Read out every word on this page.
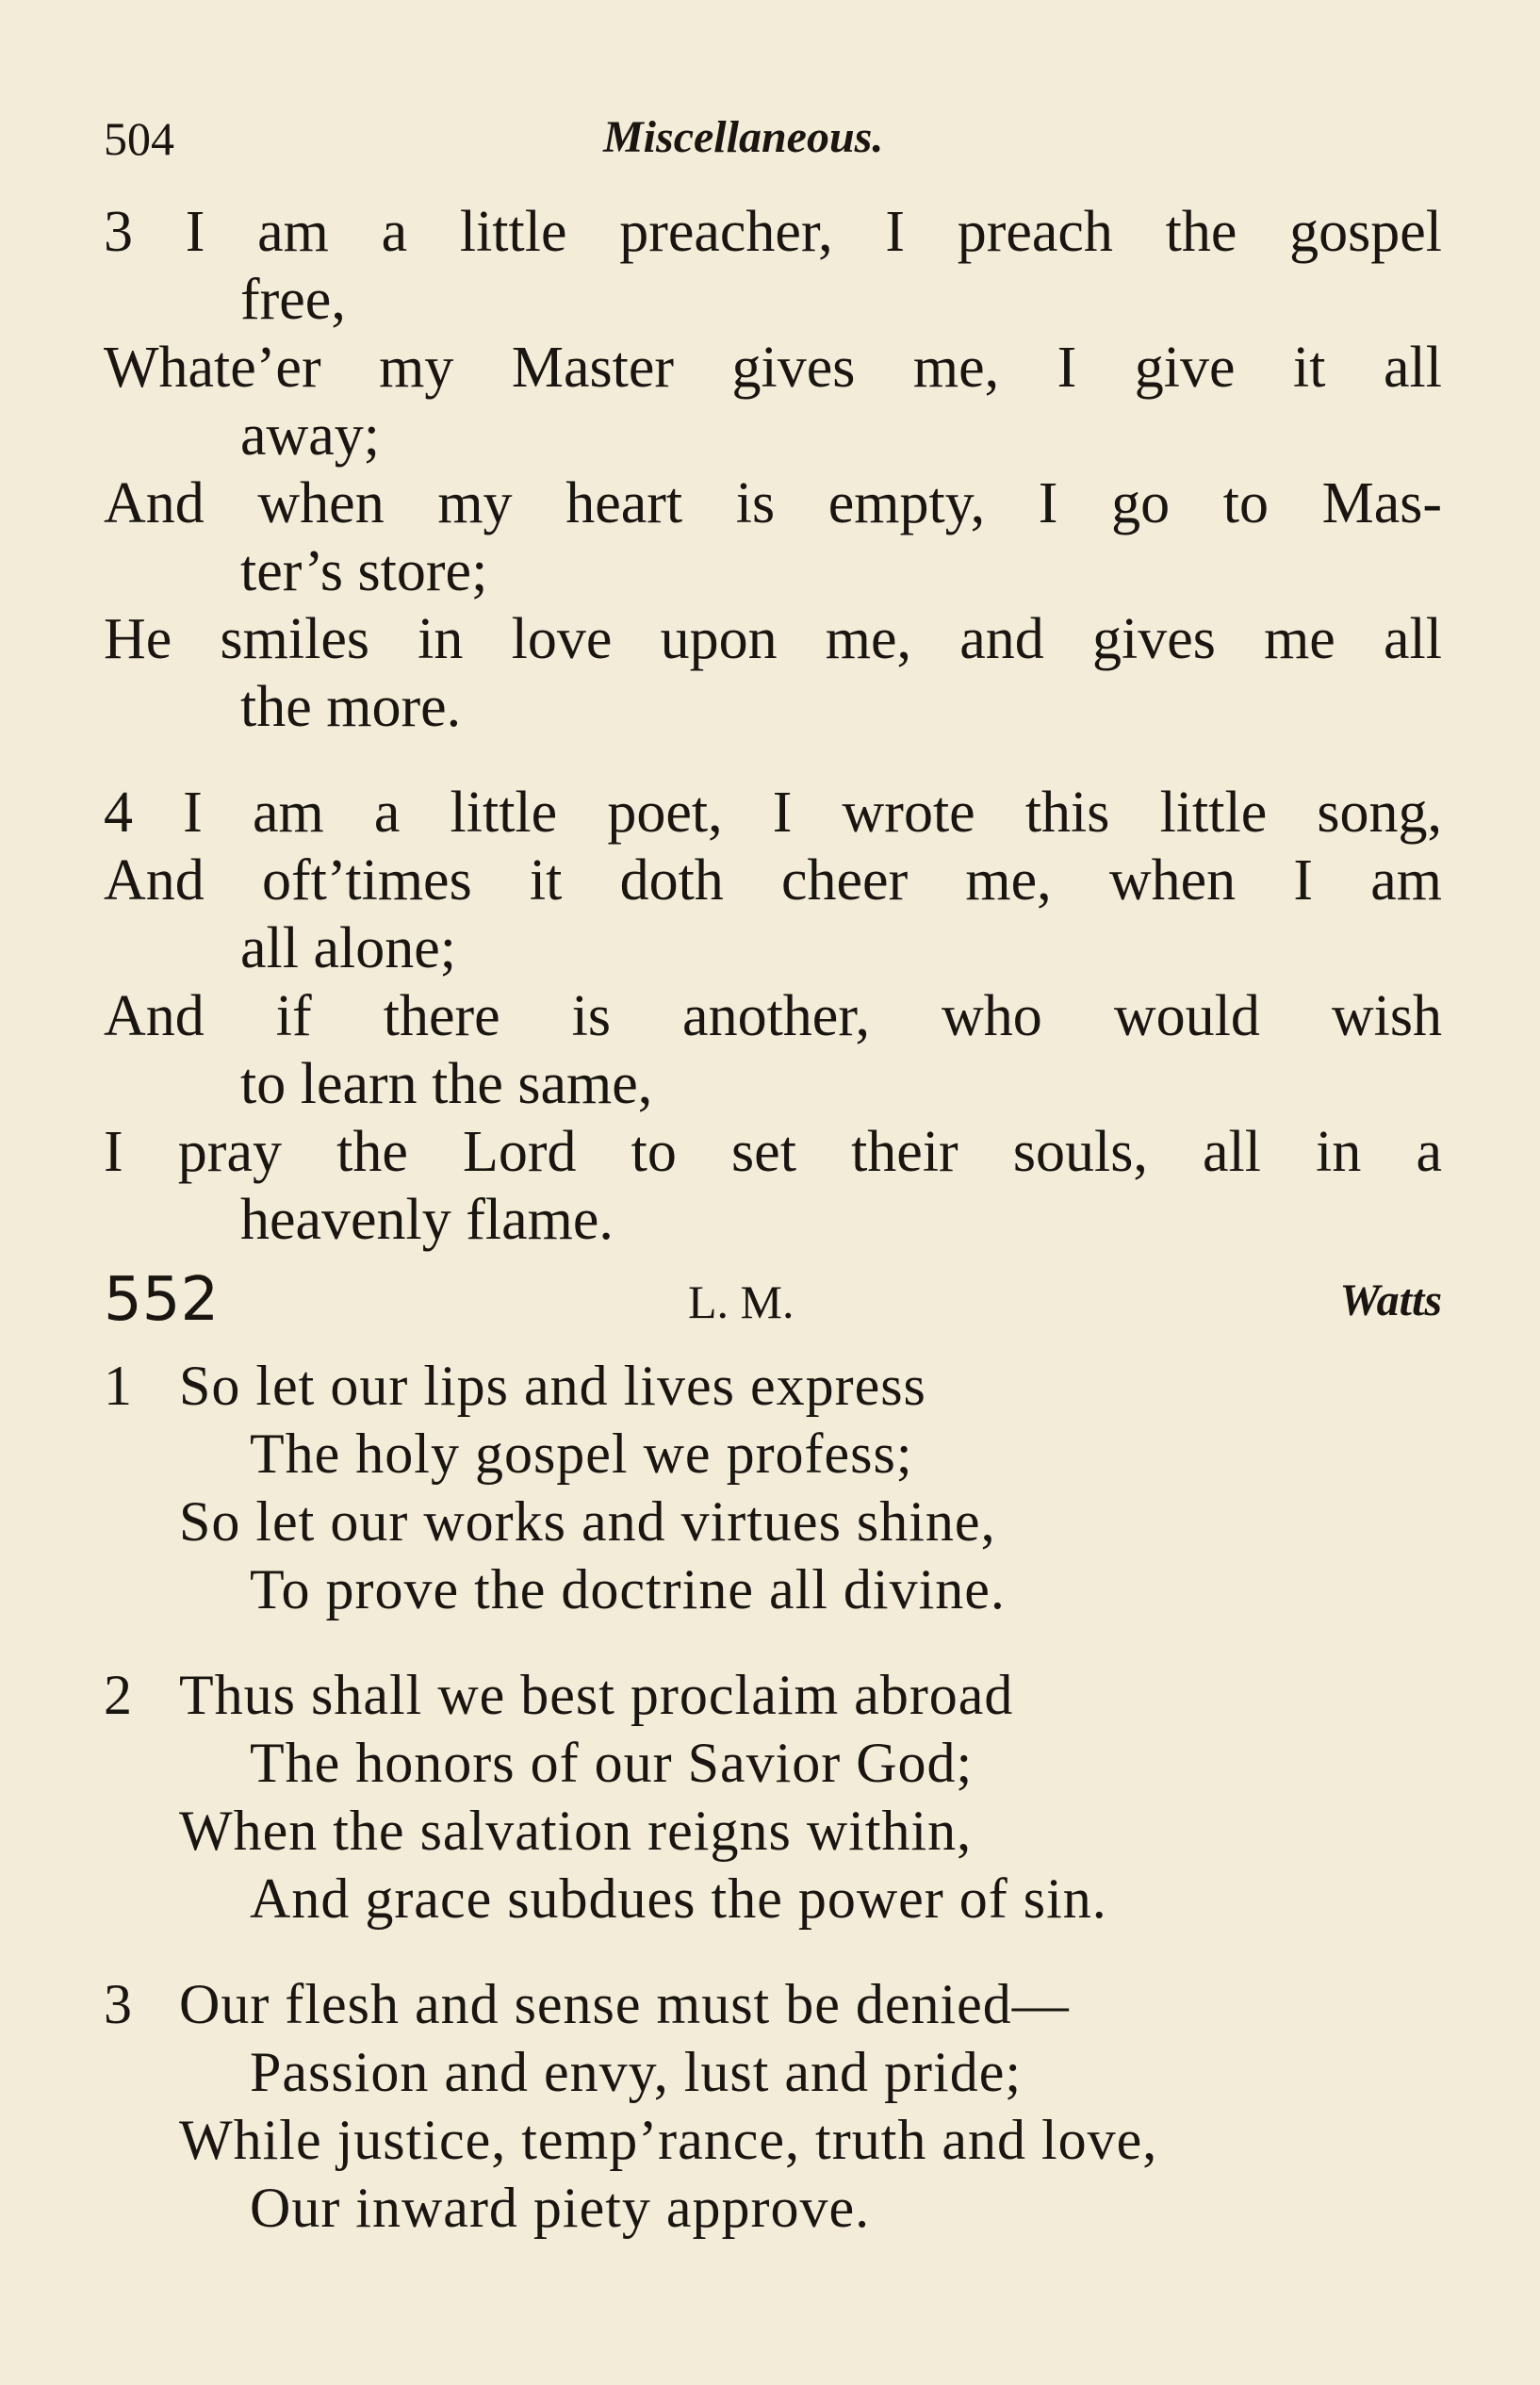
504	Miscellaneous.
3 I am a little preacher, I preach the gospel
free,
Whate’er my Master gives me, I give it all
away;
And when my heart is empty, I go to Mas-
ter’s store;
He smiles in love upon me, and gives me all
the more.
4 I am a little poet, I wrote this little song,
And oft’times it doth cheer me, when I am
all alone;
And if there is another, who would wish
to learn the same,
I pray the Lord to set their souls, all in a
heavenly flame.
552	L. M.	Watts
1 So let our lips and lives express
The holy gospel we profess;
So let our works and virtues shine,
To prove the doctrine all divine.
2 Thus shall we best proclaim abroad
The honors of our Savior God;
When the salvation reigns within,
And grace subdues the power of sin.
3 Our flesh and sense must be denied—
Passion and envy, lust and pride;
While justice, temp’rance, truth and love,
Our inward piety approve.
